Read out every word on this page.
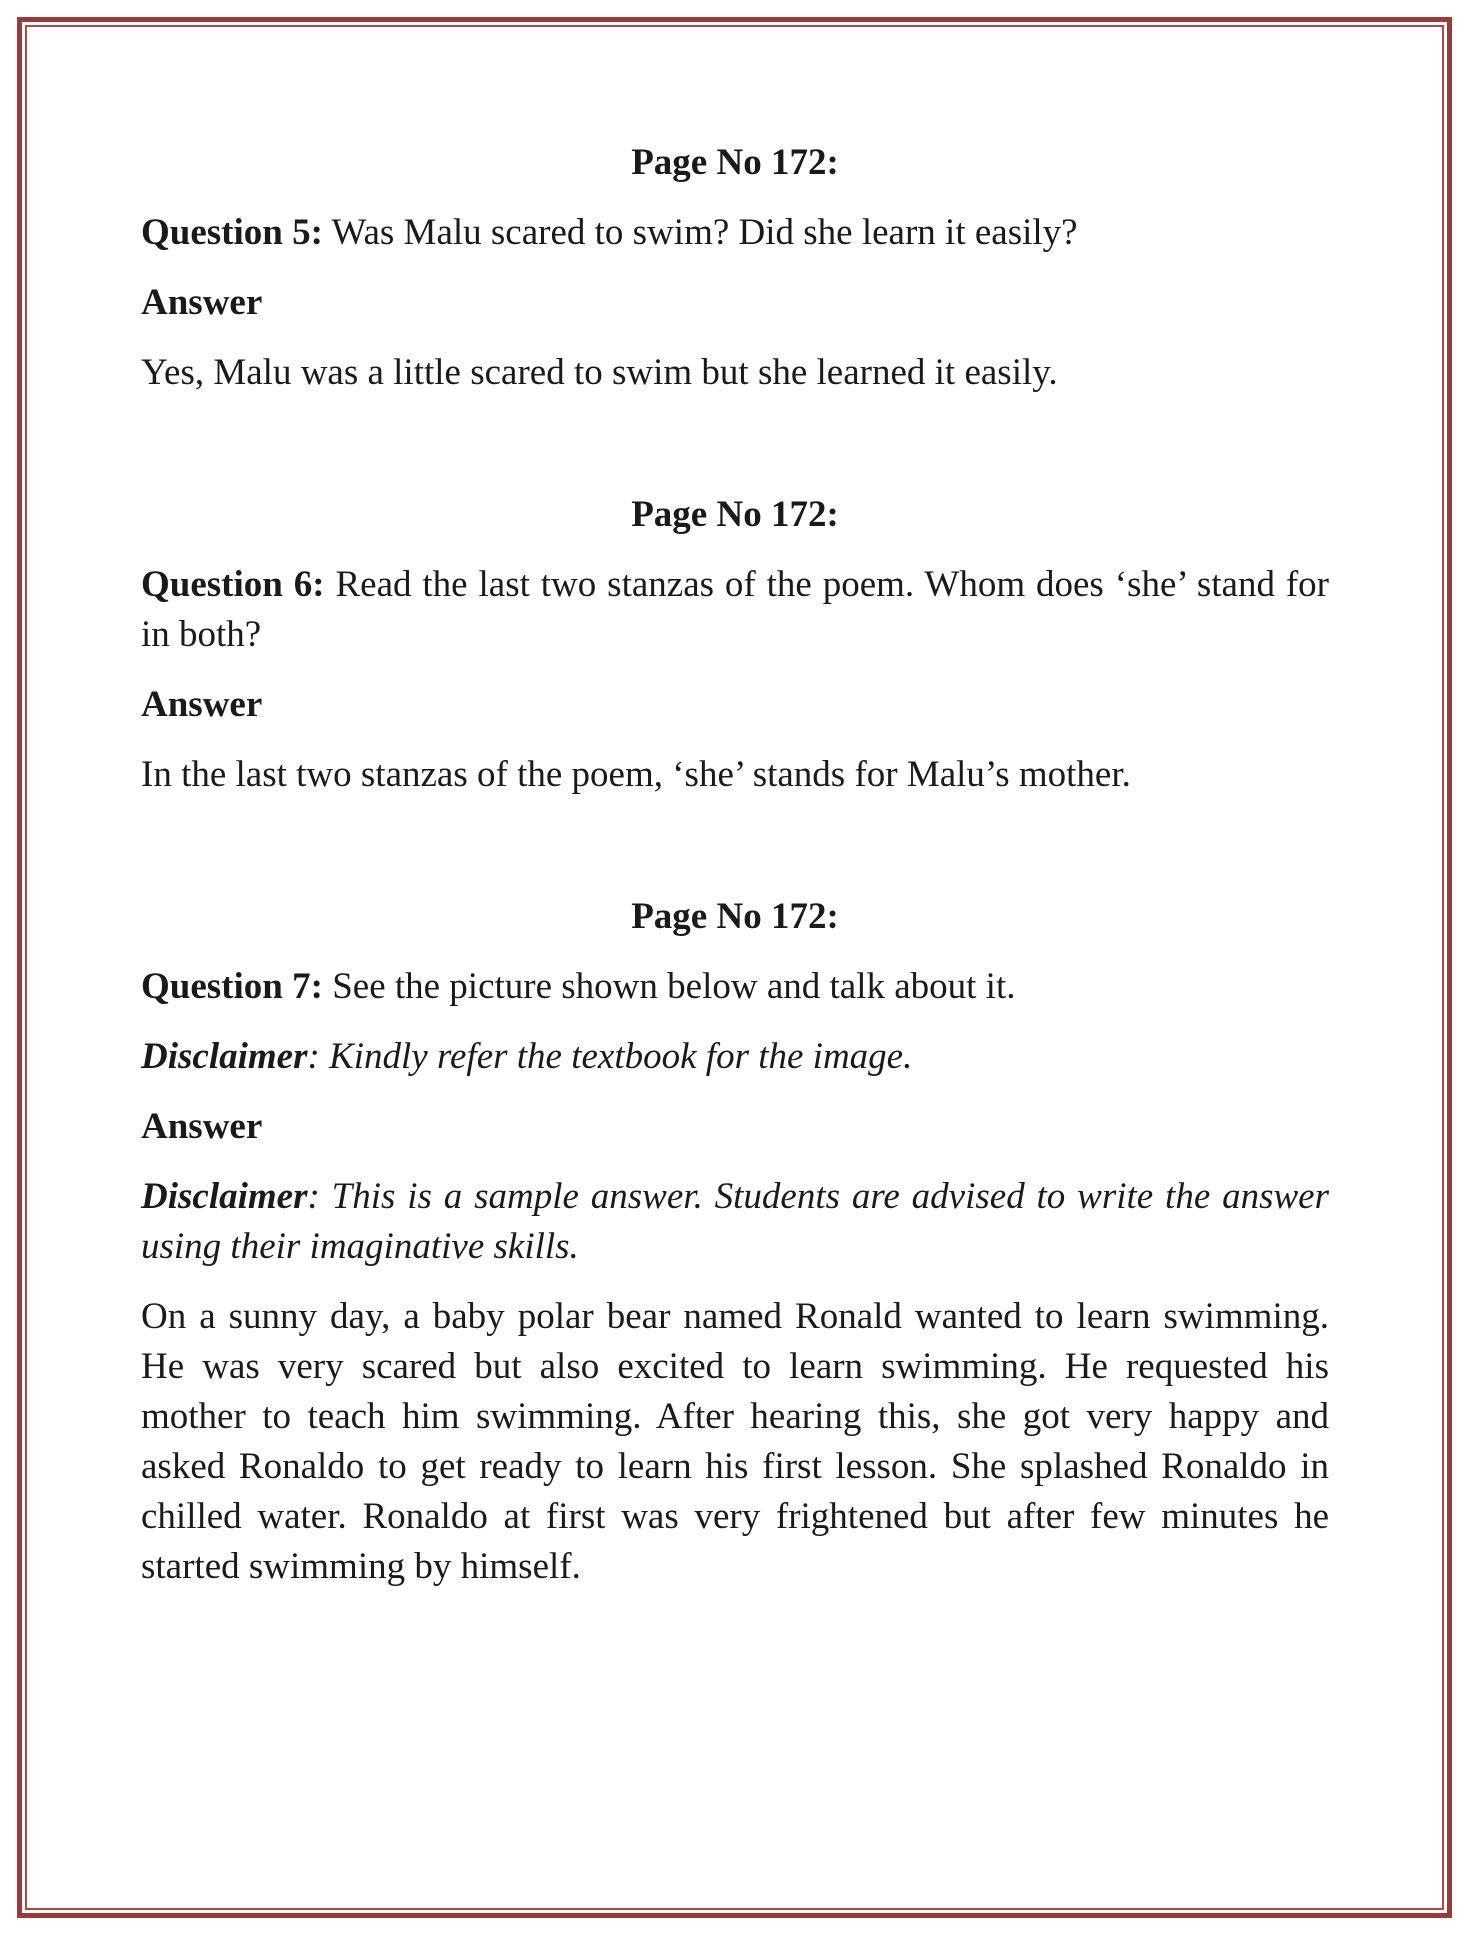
Page No 172:

Question 5: Was Malu scared to swim? Did she learn it easily?

Answer

Yes, Malu was a little scared to swim but she learned it easily.

Page No 172:

Question 6: Read the last two stanzas of the poem. Whom does ‘she’ stand for in both?

Answer

In the last two stanzas of the poem, ‘she’ stands for Malu’s mother.

Page No 172:

Question 7: See the picture shown below and talk about it.

Disclaimer: Kindly refer the textbook for the image.

Answer

Disclaimer: This is a sample answer. Students are advised to write the answer using their imaginative skills.

On a sunny day, a baby polar bear named Ronald wanted to learn swimming. He was very scared but also excited to learn swimming. He requested his mother to teach him swimming. After hearing this, she got very happy and asked Ronaldo to get ready to learn his first lesson. She splashed Ronaldo in chilled water. Ronaldo at first was very frightened but after few minutes he started swimming by himself.
